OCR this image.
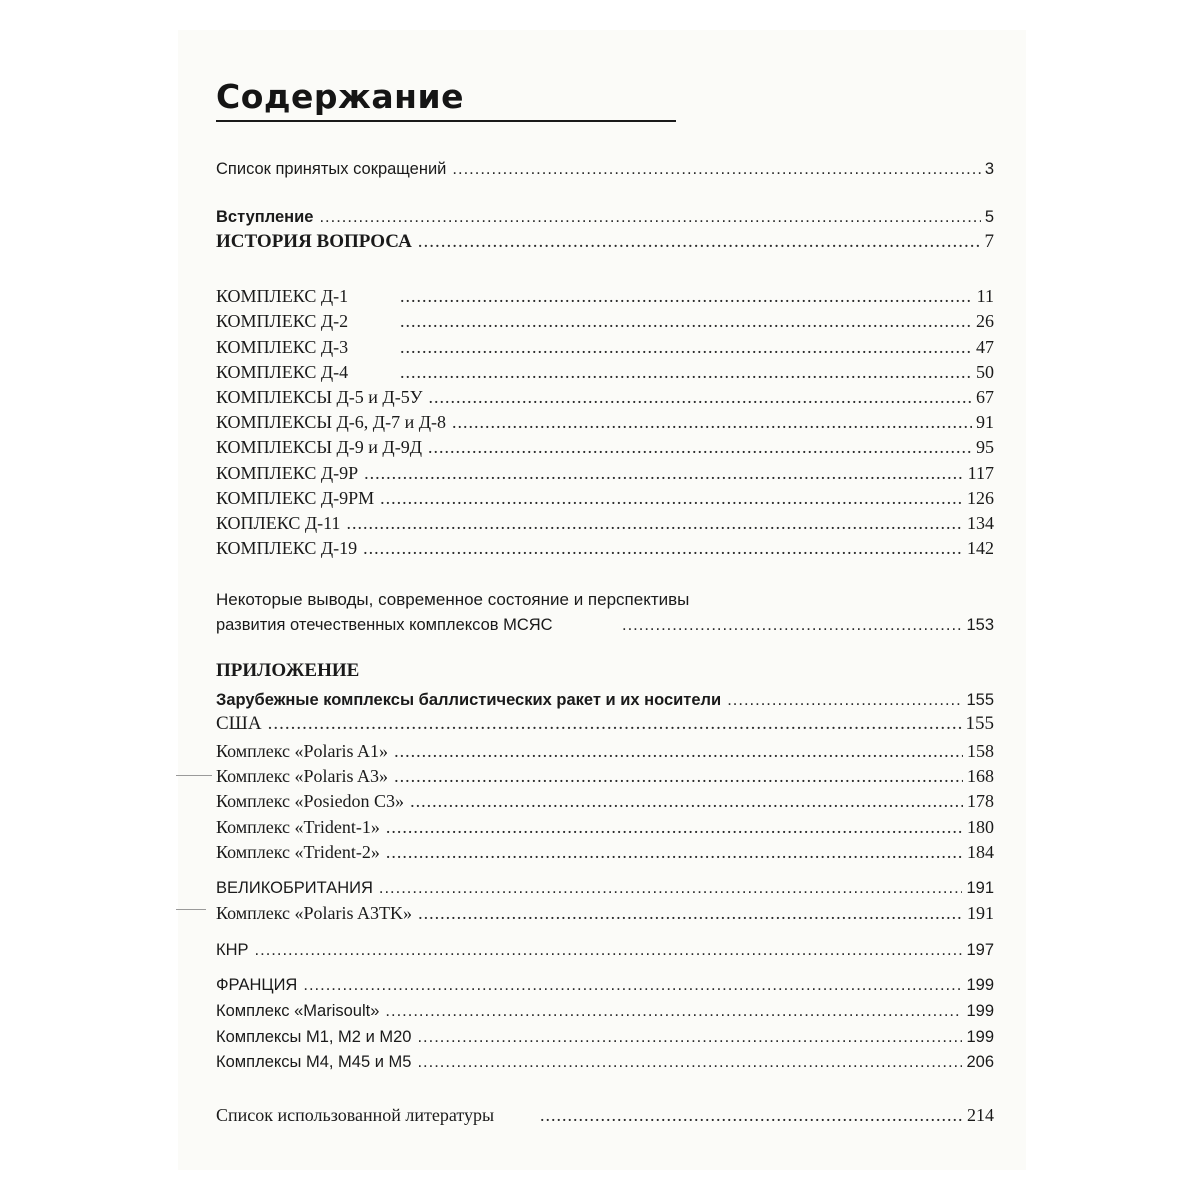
Содержание
Список принятых сокращений .....	3
Вступление .....	5
ИСТОРИЯ ВОПРОСА .....	7
КОМПЛЕКС Д-1 .....	11
КОМПЛЕКС Д-2 .....	26
КОМПЛЕКС Д-3 .....	47
КОМПЛЕКС Д-4 .....	50
КОМПЛЕКСЫ Д-5 и Д-5У .....	67
КОМПЛЕКСЫ Д-6, Д-7 и Д-8 .....	91
КОМПЛЕКСЫ Д-9 и Д-9Д .....	95
КОМПЛЕКС Д-9Р .....	117
КОМПЛЕКС Д-9РМ .....	126
КОПЛЕКС Д-11 .....	134
КОМПЛЕКС Д-19 .....	142
Некоторые выводы, современное состояние и перспективы
развития отечественных комплексов МСЯС .....	153
ПРИЛОЖЕНИЕ
Зарубежные комплексы баллистических ракет и их носители .....	155
США .....	155
Комплекс «Polaris A1» .....	158
Комплекс «Polaris A3» .....	168
Комплекс «Posiedon C3» .....	178
Комплекс «Trident-1» .....	180
Комплекс «Trident-2» .....	184
ВЕЛИКОБРИТАНИЯ .....	191
Комплекс «Polaris A3TK» .....	191
КНР .....	197
ФРАНЦИЯ .....	199
Комплекс «Marisoult» .....	199
Комплексы М1, М2 и М20 .....	199
Комплексы М4, М45 и М5 .....	206
Список использованной литературы .....	214
